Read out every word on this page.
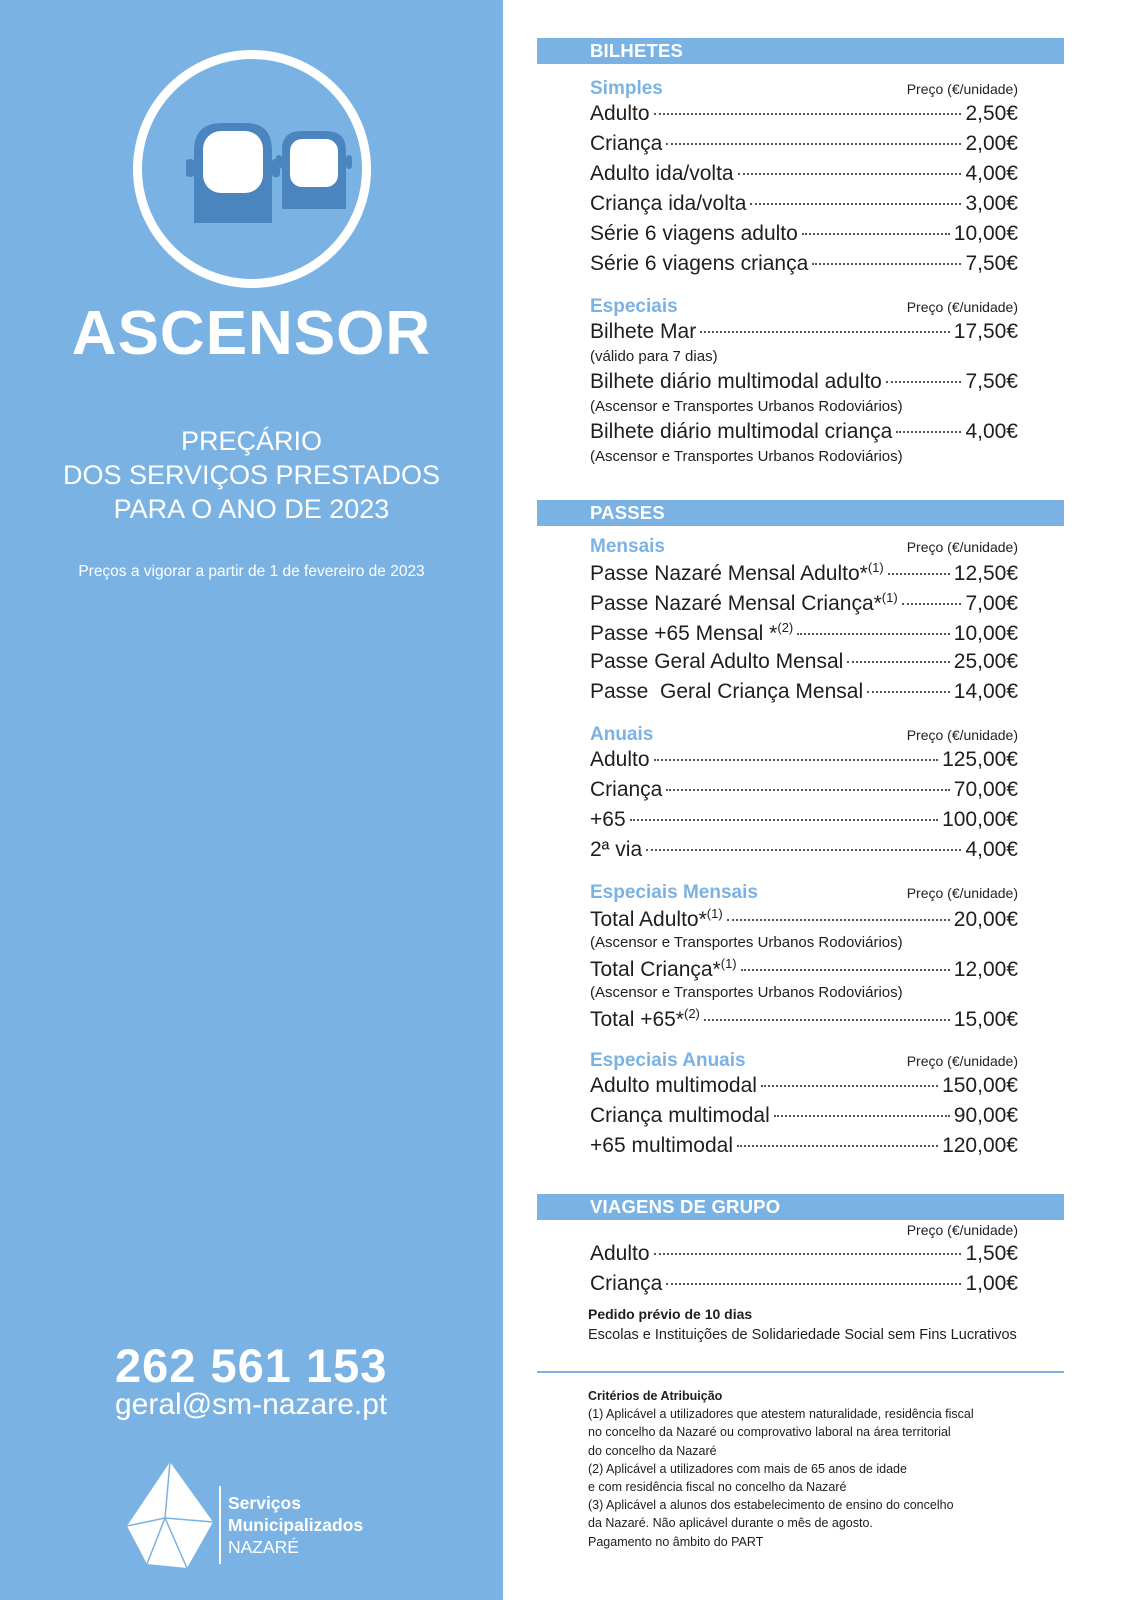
ASCENSOR
PREÇÁRIO
DOS SERVIÇOS PRESTADOS
PARA O ANO DE 2023
Preços a vigorar a partir de 1 de fevereiro de 2023
262 561 153
geral@sm-nazare.pt
Serviços
Municipalizados
NAZARÉ
BILHETES
Simples	Preço (€/unidade)
Adulto	2,50€
Criança	2,00€
Adulto ida/volta	4,00€
Criança ida/volta	3,00€
Série 6 viagens adulto	10,00€
Série 6 viagens criança	7,50€
Especiais	Preço (€/unidade)
Bilhete Mar	17,50€
(válido para 7 dias)
Bilhete diário multimodal adulto	7,50€
(Ascensor e Transportes Urbanos Rodoviários)
Bilhete diário multimodal criança	4,00€
(Ascensor e Transportes Urbanos Rodoviários)
PASSES
Mensais	Preço (€/unidade)
Passe Nazaré Mensal Adulto*$^{(1)}$	12,50€
Passe Nazaré Mensal Criança*$^{(1)}$	7,00€
Passe +65 Mensal *$^{(2)}$	10,00€
Passe Geral Adulto Mensal	25,00€
Passe  Geral Criança Mensal	14,00€
Anuais	Preço (€/unidade)
Adulto	125,00€
Criança	70,00€
+65	100,00€
2ª via	4,00€
Especiais Mensais	Preço (€/unidade)
Total Adulto*$^{(1)}$	20,00€
(Ascensor e Transportes Urbanos Rodoviários)
Total Criança*$^{(1)}$	12,00€
(Ascensor e Transportes Urbanos Rodoviários)
Total +65*$^{(2)}$	15,00€
Especiais Anuais	Preço (€/unidade)
Adulto multimodal	150,00€
Criança multimodal	90,00€
+65 multimodal	120,00€
VIAGENS DE GRUPO
Preço (€/unidade)
Adulto	1,50€
Criança	1,00€
Pedido prévio de 10 dias
Escolas e Instituições de Solidariedade Social sem Fins Lucrativos
Critérios de Atribuição
(1) Aplicável a utilizadores que atestem naturalidade, residência fiscal
no concelho da Nazaré ou comprovativo laboral na área territorial
do concelho da Nazaré
(2) Aplicável a utilizadores com mais de 65 anos de idade
e com residência fiscal no concelho da Nazaré
(3) Aplicável a alunos dos estabelecimento de ensino do concelho
da Nazaré. Não aplicável durante o mês de agosto.
Pagamento no âmbito do PART
